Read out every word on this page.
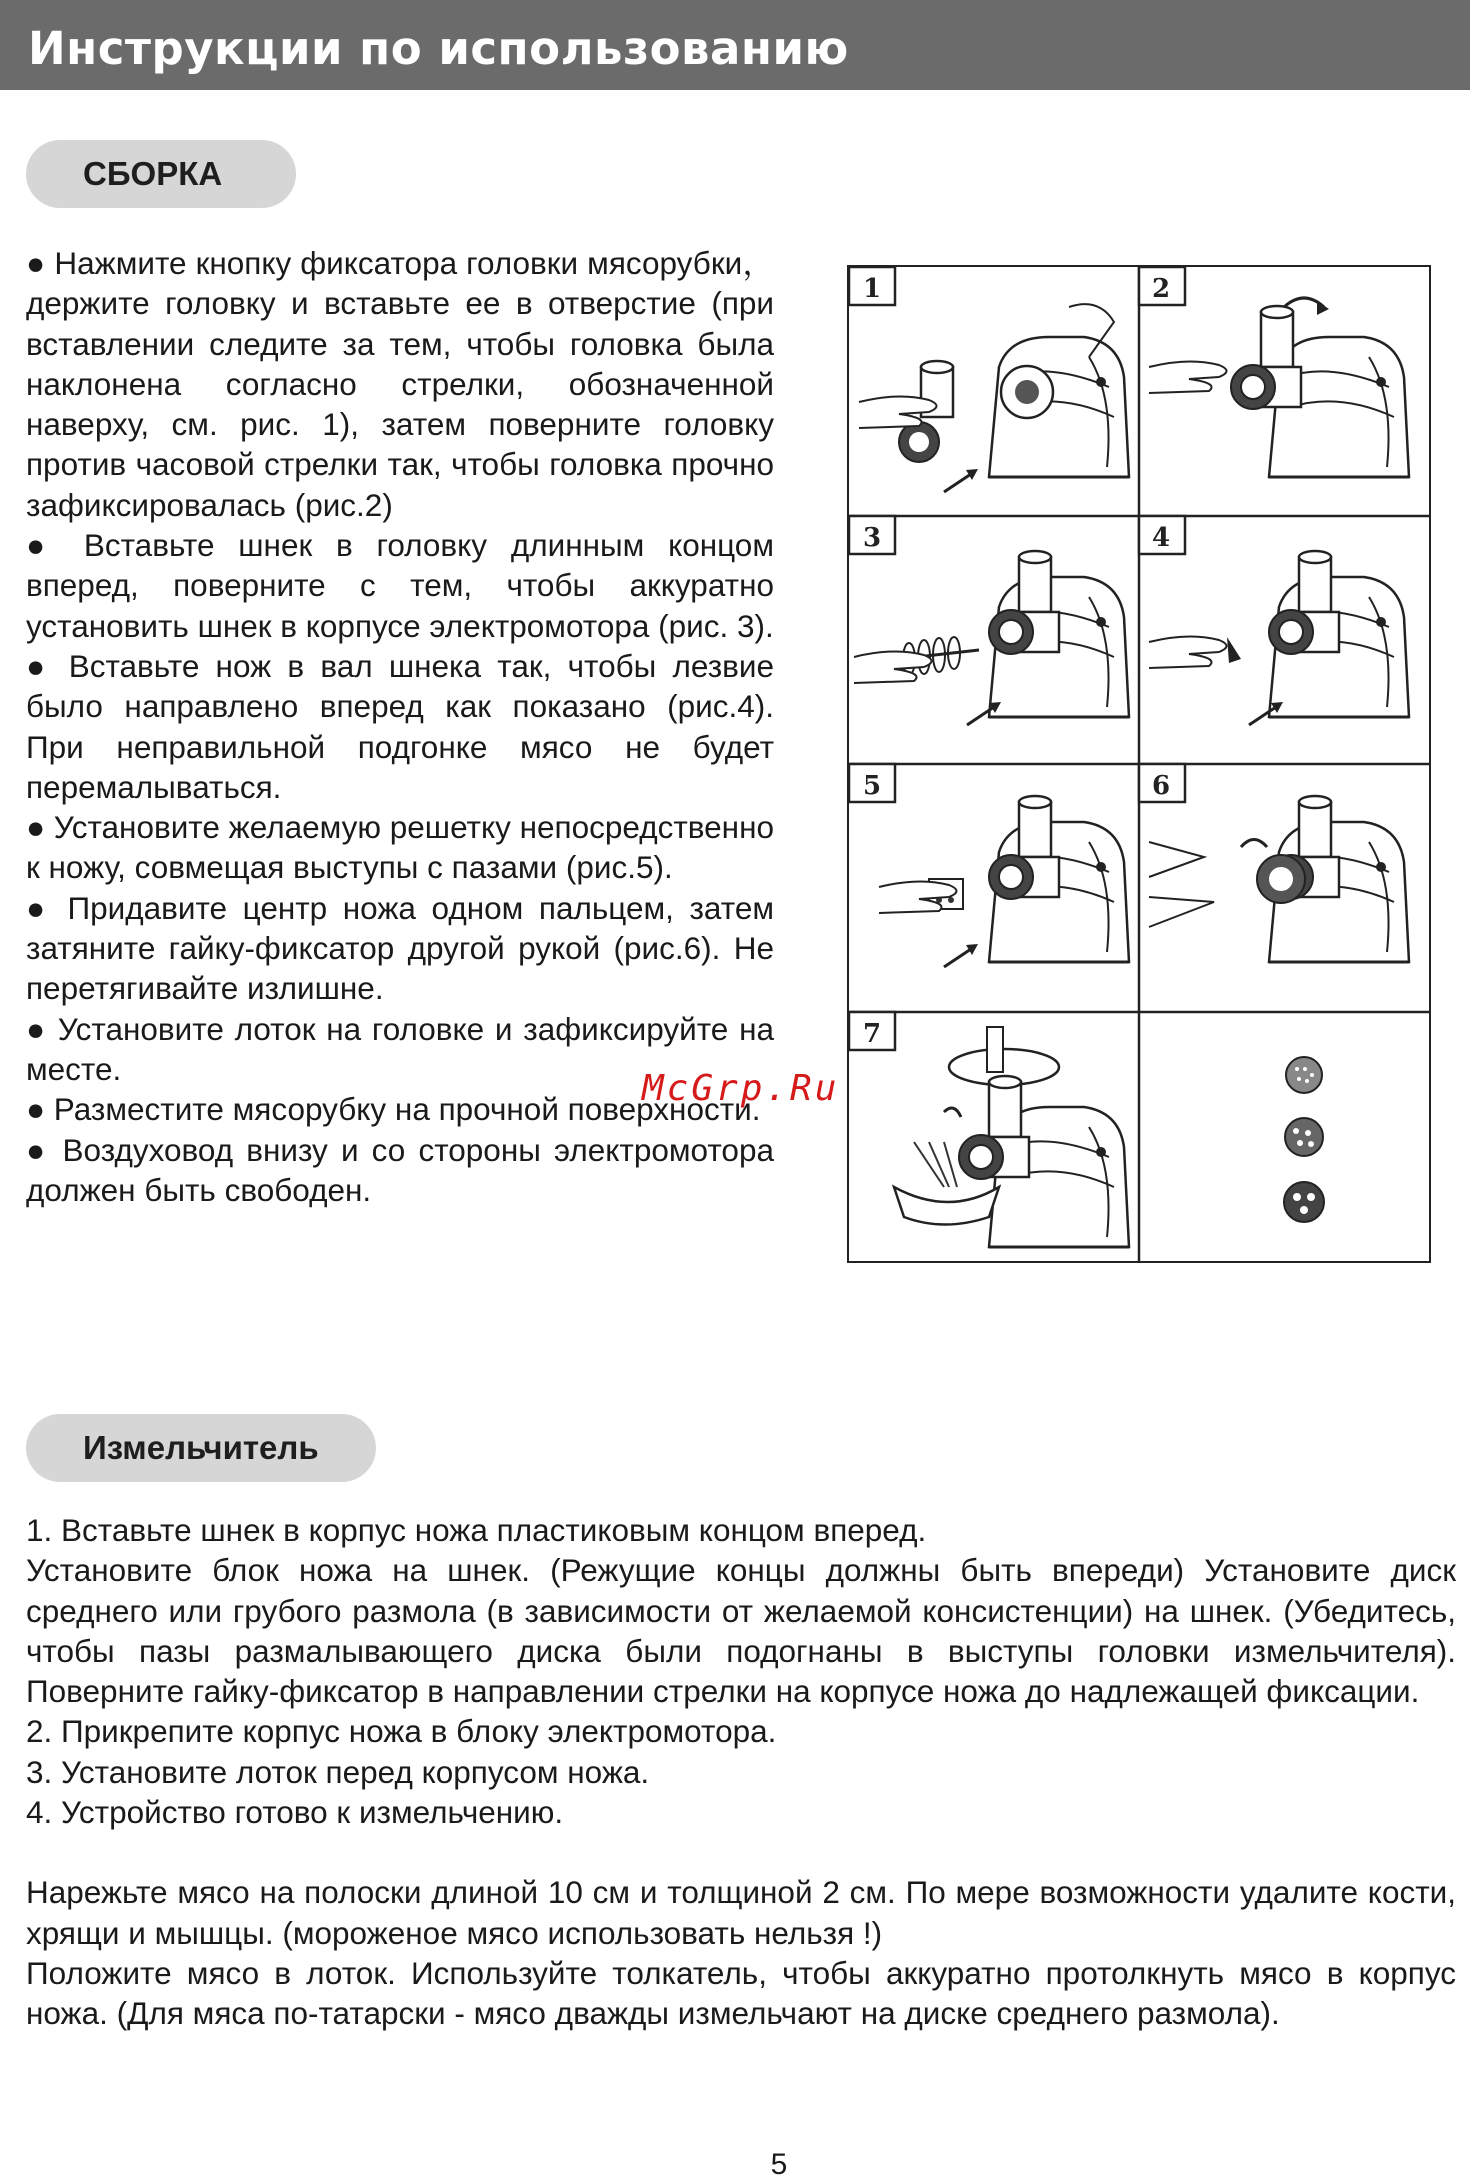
Инструкции по использованию
СБОРКА

● Нажмите кнопку фиксатора головки мясорубки，держите головку и вставьте ее в отверстие (при вставлении следите за тем, чтобы головка была наклонена согласно стрелки, обозначенной наверху, см. рис. 1), затем поверните головку против часовой стрелки так, чтобы головка прочно зафиксировалась (рис.2)

● Вставьте шнек в головку длинным концом вперед, поверните с тем, чтобы аккуратно установить шнек в корпусе электромотора (рис. 3).

● Вставьте нож в вал шнека так, чтобы лезвие было направлено вперед как показано (рис.4). При неправильной подгонке мясо не будет перемалываться.

● Установите желаемую решетку непосредственно к ножу, совмещая выступы с пазами (рис.5).

● Придавите центр ножа одном пальцем, затем затяните гайку-фиксатор другой рукой (рис.6). Не перетягивайте излишне.

● Установите лоток на головке и зафиксируйте на месте.

● Разместите мясорубку на прочной поверхности.

● Воздуховод внизу и со стороны электромотора должен быть свободен.

1	2
3	4
5	6
7
McGrp.Ru
Измельчитель

1. Вставьте шнек в корпус ножа пластиковым концом вперед.

Установите блок ножа на шнек. (Режущие концы должны быть впереди) Установите диск среднего или грубого размола (в зависимости от желаемой консистенции) на шнек. (Убедитесь, чтобы пазы размалывающего диска были подогнаны в выступы головки измельчителя). Поверните гайку-фиксатор в направлении стрелки на корпусе ножа до надлежащей фиксации.

2. Прикрепите корпус ножа в блоку электромотора.

3. Установите лоток перед корпусом ножа.

4. Устройство готово к измельчению.

Нарежьте мясо на полоски длиной 10 см и толщиной 2 см. По мере возможности удалите кости, хрящи и мышцы. (мороженое мясо использовать нельзя !)

Положите мясо в лоток. Используйте толкатель, чтобы аккуратно протолкнуть мясо в корпус ножа. (Для мяса по-татарски - мясо дважды измельчают на диске среднего размола).

5
